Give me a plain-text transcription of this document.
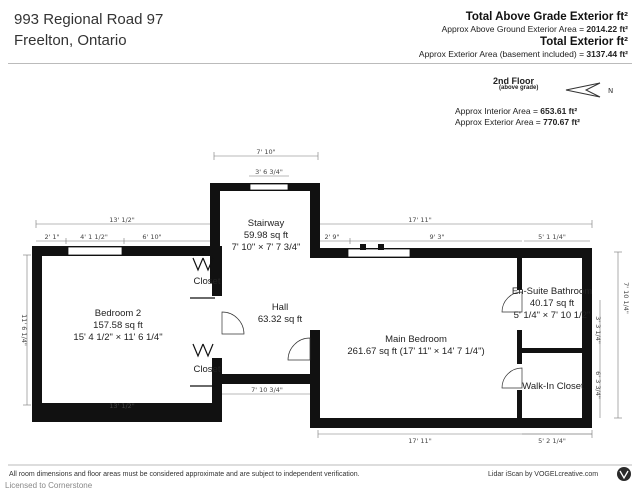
993 Regional Road 97
Freelton, Ontario
Total Above Grade Exterior ft²
Approx Above Ground Exterior Area = 2014.22 ft²
Total Exterior ft²
Approx Exterior Area (basement included) = 3137.44 ft²
2nd Floor
(above grade)
Approx Interior Area = 653.61 ft²
Approx Exterior Area = 770.67 ft²
N
7' 10"
3' 6 3/4"
13' 1/2"
2' 1"	4' 1 1/2"	6' 10"
13' 1/2"
17' 11"
2' 9"	9' 3"	5' 1 1/4"
7' 10 3/4"
17' 11"	5' 2 1/4"
11' 6 1/4"
7' 10 1/4"
3' 3 1/4"
6' 3 3/4"
Stairway
59.98 sq ft
7' 10" × 7' 7 3/4"
Hall
63.32 sq ft
Bedroom 2
157.58 sq ft
15' 4 1/2" × 11' 6 1/4"	Main Bedroom
261.67 sq ft (17' 11" × 14' 7 1/4")
En-Suite Bathroom
40.17 sq ft
5' 1/4" × 7' 10 1/2"
Walk-In Closet
Closet
Closet
All room dimensions and floor areas must be considered approximate and are subject to independent verification.	Lidar iScan by VOGELcreative.com
Licensed to Cornerstone
